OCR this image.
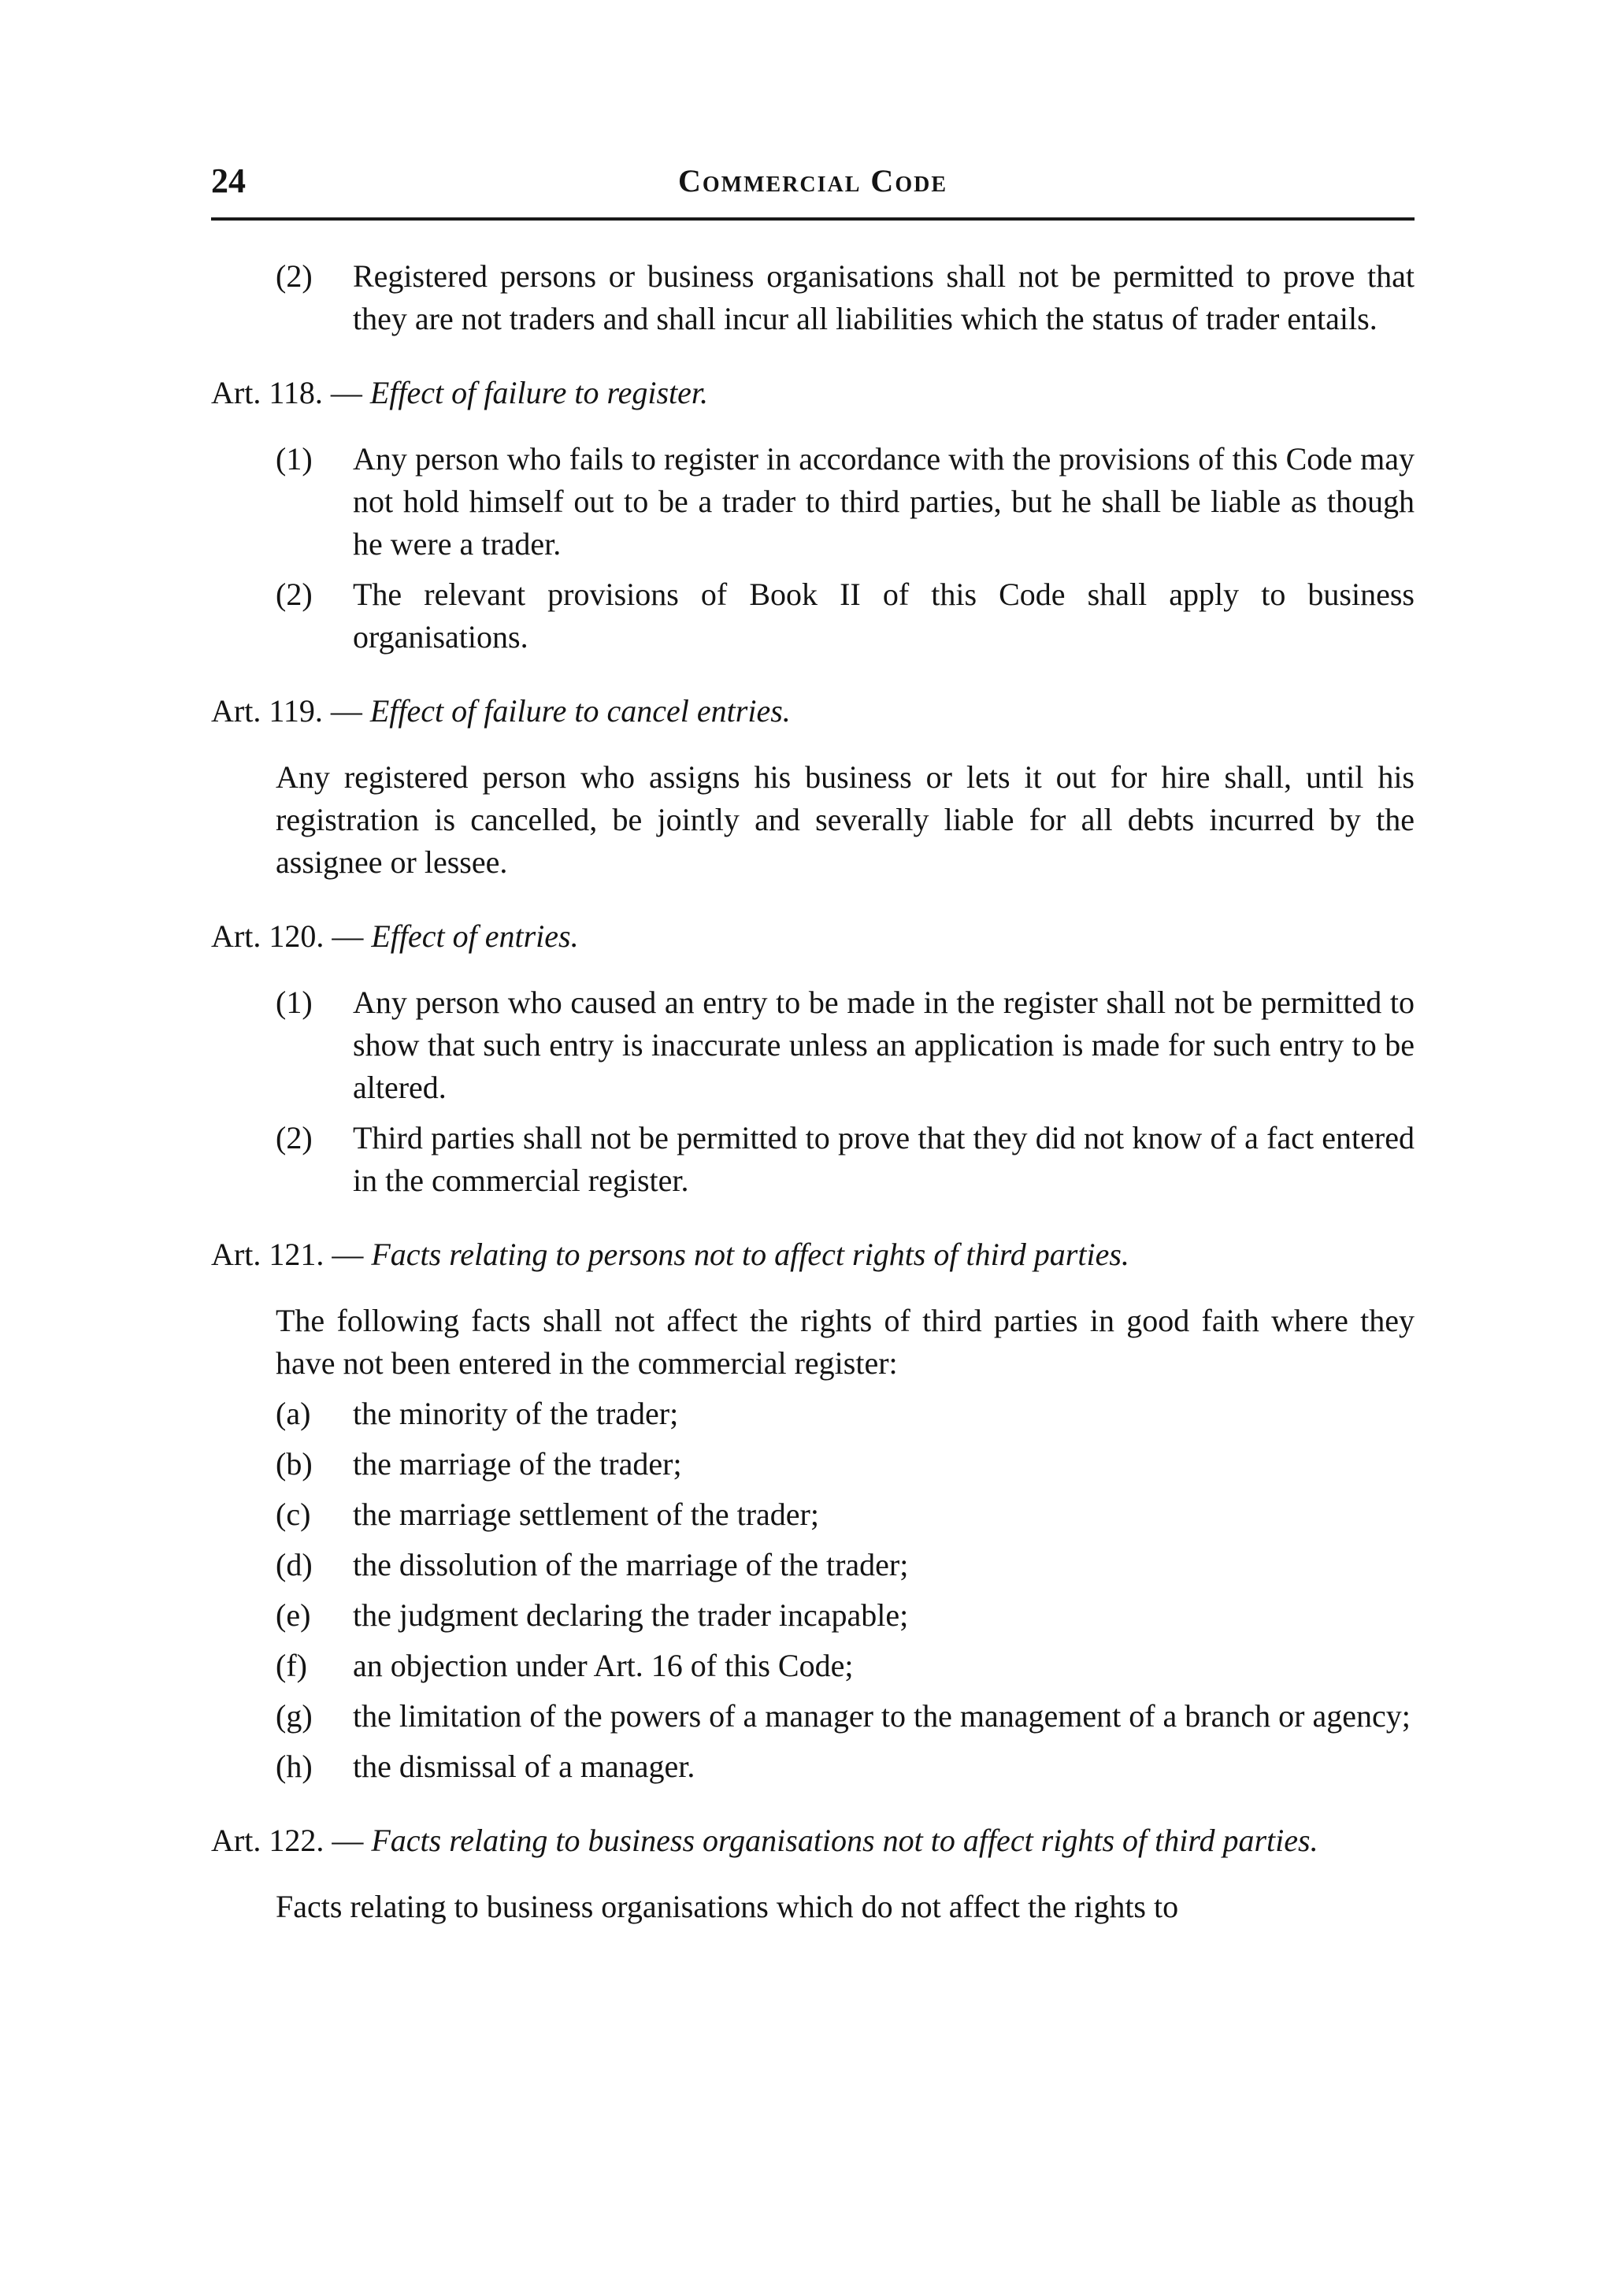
24	Commercial Code
(2)	Registered persons or business organisations shall not be permitted to prove that they are not traders and shall incur all liabilities which the status of trader entails.
Art. 118. —
Effect of failure to register.
(1)	Any person who fails to register in accordance with the provisions of this Code may not hold himself out to be a trader to third parties, but he shall be liable as though he were a trader.
(2)	The relevant provisions of Book II of this Code shall apply to business organisations.
Art. 119. —
Effect of failure to cancel entries.
Any registered person who assigns his business or lets it out for hire shall, until his registration is cancelled, be jointly and severally liable for all debts incurred by the assignee or lessee.
Art. 120. —
Effect of entries.
(1)	Any person who caused an entry to be made in the register shall not be permitted to show that such entry is inaccurate unless an application is made for such entry to be altered.
(2)	Third parties shall not be permitted to prove that they did not know of a fact entered in the commercial register.
Art. 121. —
Facts relating to persons not to affect rights of third parties.
The following facts shall not affect the rights of third parties in good faith where they have not been entered in the commercial register:
(a)	the minority of the trader;
(b)	the marriage of the trader;
(c)	the marriage settlement of the trader;
(d)	the dissolution of the marriage of the trader;
(e)	the judgment declaring the trader incapable;
(f)	an objection under Art. 16 of this Code;
(g)	the limitation of the powers of a manager to the management of a branch or agency;
(h)	the dismissal of a manager.
Art. 122. —
Facts relating to business organisations not to affect rights of third parties.
Facts relating to business organisations which do not affect the rights to
